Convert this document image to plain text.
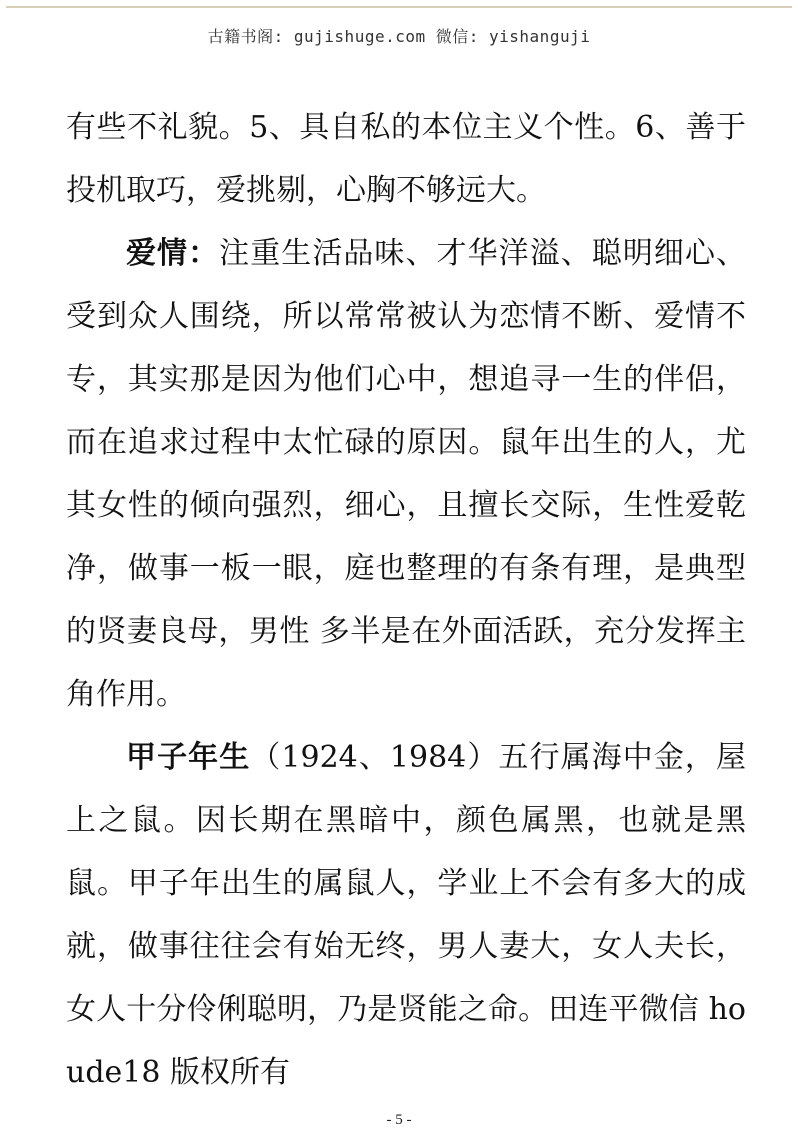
古籍书阁: gujishuge.com 微信: yishanguji

有些不礼貌。5、具自私的本位主义个性。6、善于投机取巧，爱挑剔，心胸不够远大。

爱情：注重生活品味、才华洋溢、聪明细心、受到众人围绕，所以常常被认为恋情不断、爱情不专，其实那是因为他们心中，想追寻一生的伴侣，而在追求过程中太忙碌的原因。鼠年出生的人，尤其女性的倾向强烈，细心，且擅长交际，生性爱乾净，做事一板一眼，庭也整理的有条有理，是典型的贤妻良母，男性 多半是在外面活跃，充分发挥主角作用。

甲子年生（1924、1984）五行属海中金，屋上之鼠。因长期在黑暗中，颜色属黑，也就是黑鼠。甲子年出生的属鼠人，学业上不会有多大的成就，做事往往会有始无终，男人妻大，女人夫长，女人十分伶俐聪明，乃是贤能之命。田连平微信 houde18 版权所有

- 5 -
